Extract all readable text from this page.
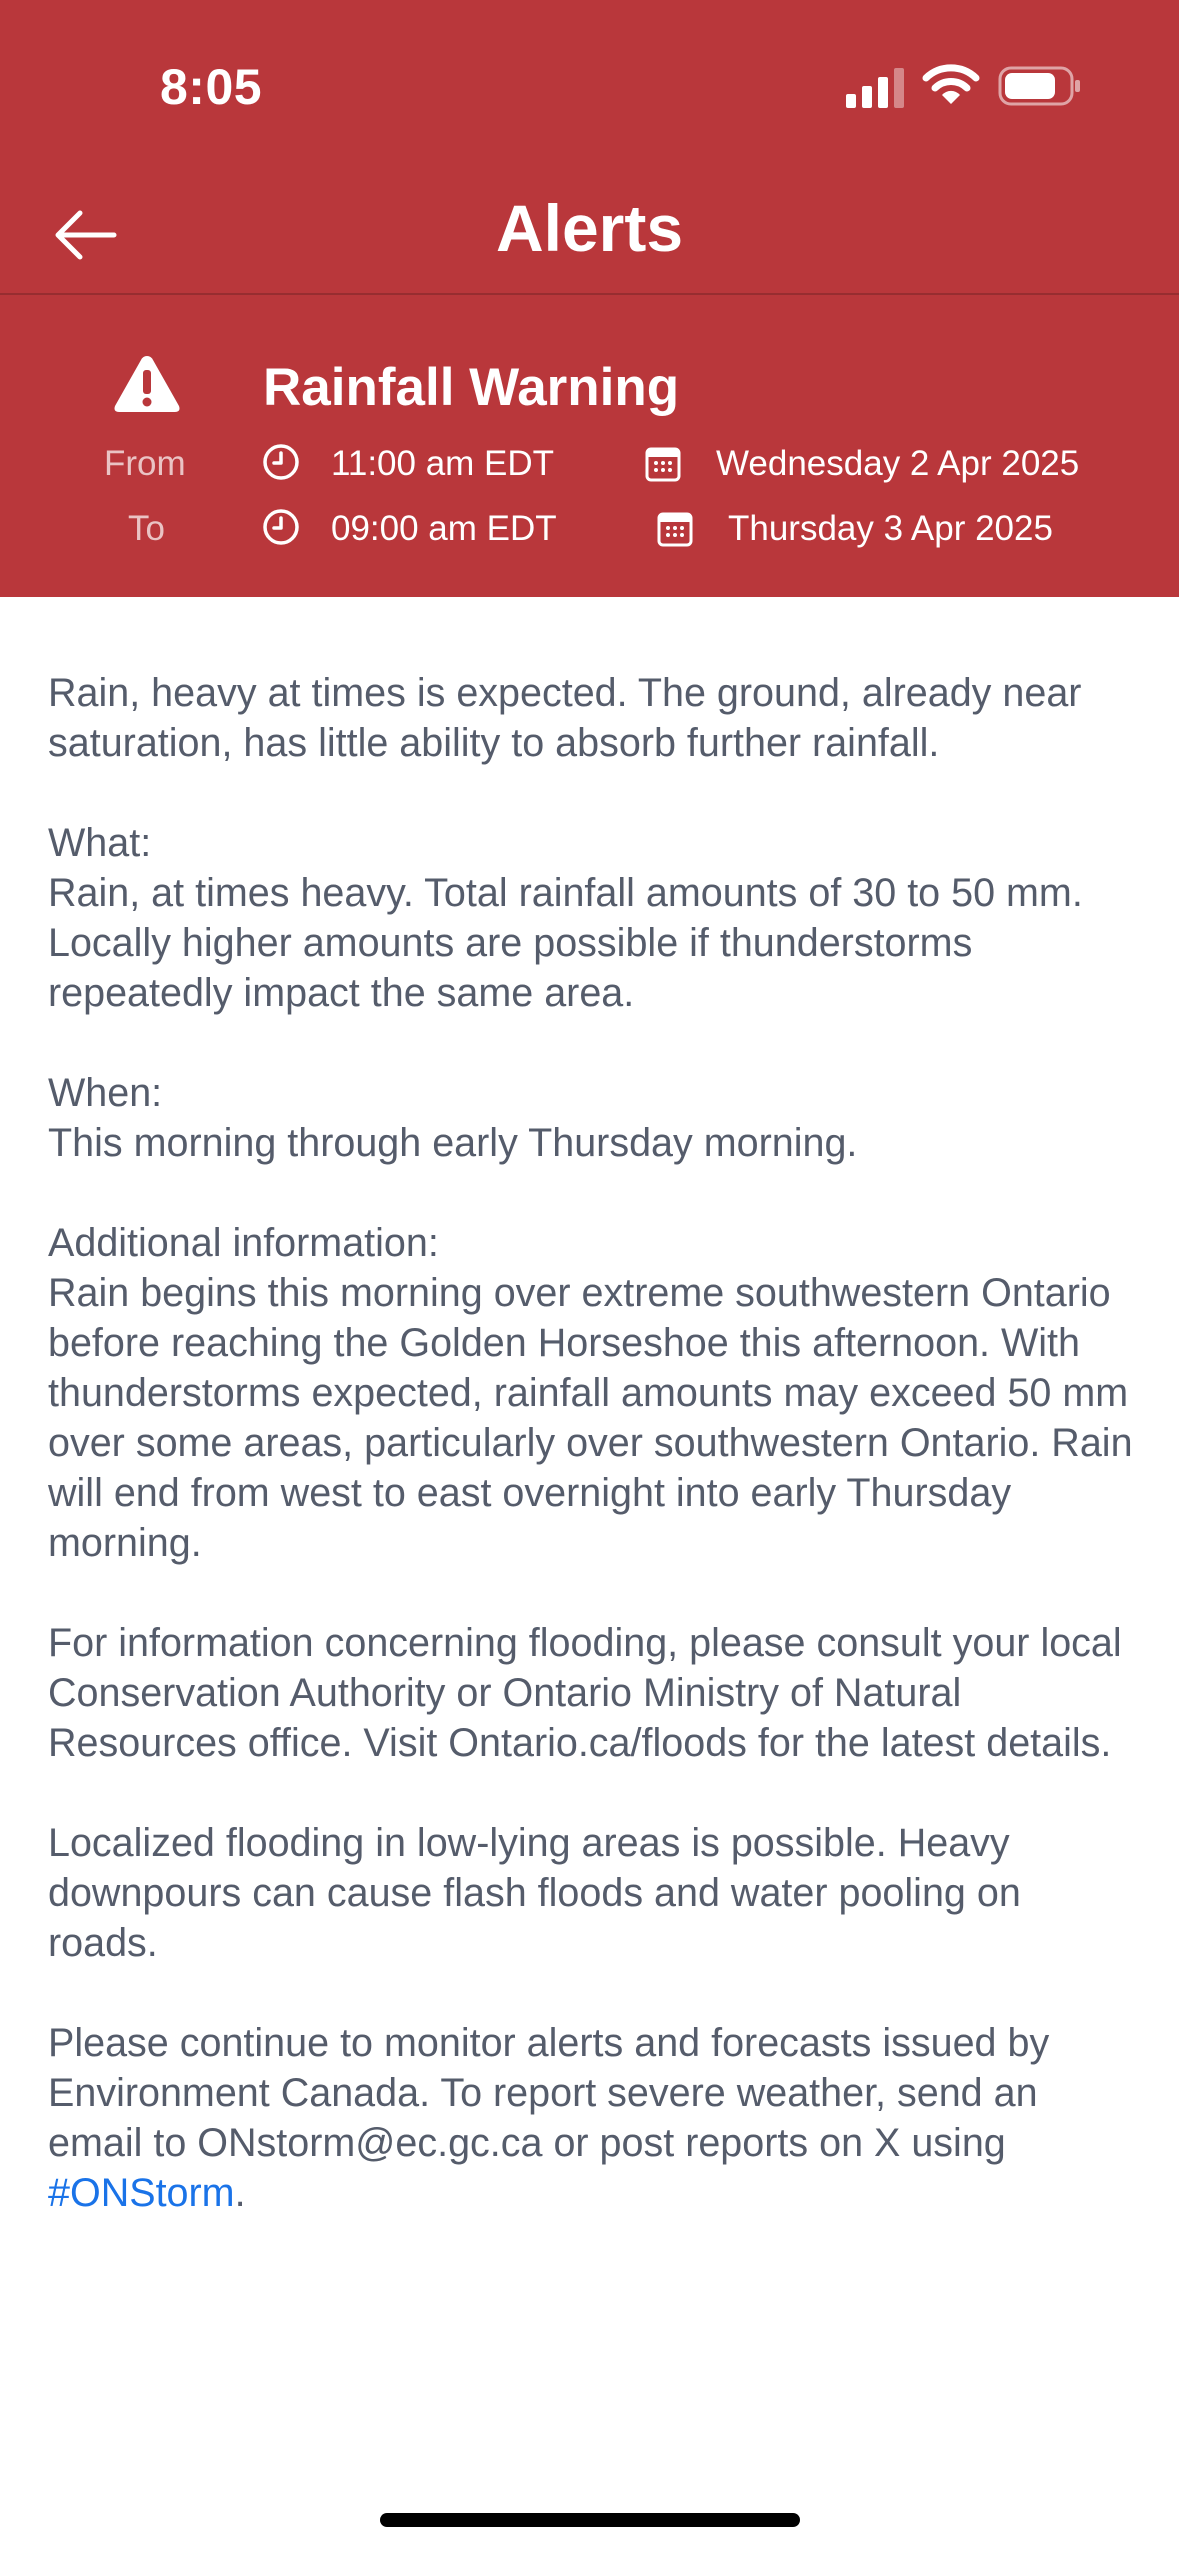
8:05
Alerts
Rainfall Warning
From	11:00 am EDT	Wednesday 2 Apr 2025
To	09:00 am EDT	Thursday 3 Apr 2025

Rain, heavy at times is expected. The ground, already near saturation, has little ability to absorb further rainfall.

What:
Rain, at times heavy. Total rainfall amounts of 30 to 50 mm. Locally higher amounts are possible if thunderstorms repeatedly impact the same area.

When:
This morning through early Thursday morning.

Additional information:
Rain begins this morning over extreme southwestern Ontario before reaching the Golden Horseshoe this afternoon. With thunderstorms expected, rainfall amounts may exceed 50 mm over some areas, particularly over southwestern Ontario. Rain will end from west to east overnight into early Thursday morning.

For information concerning flooding, please consult your local Conservation Authority or Ontario Ministry of Natural Resources office. Visit Ontario.ca/floods for the latest details.

Localized flooding in low-lying areas is possible. Heavy downpours can cause flash floods and water pooling on roads.

Please continue to monitor alerts and forecasts issued by Environment Canada. To report severe weather, send an email to ONstorm@ec.gc.ca or post reports on X using #ONStorm.
